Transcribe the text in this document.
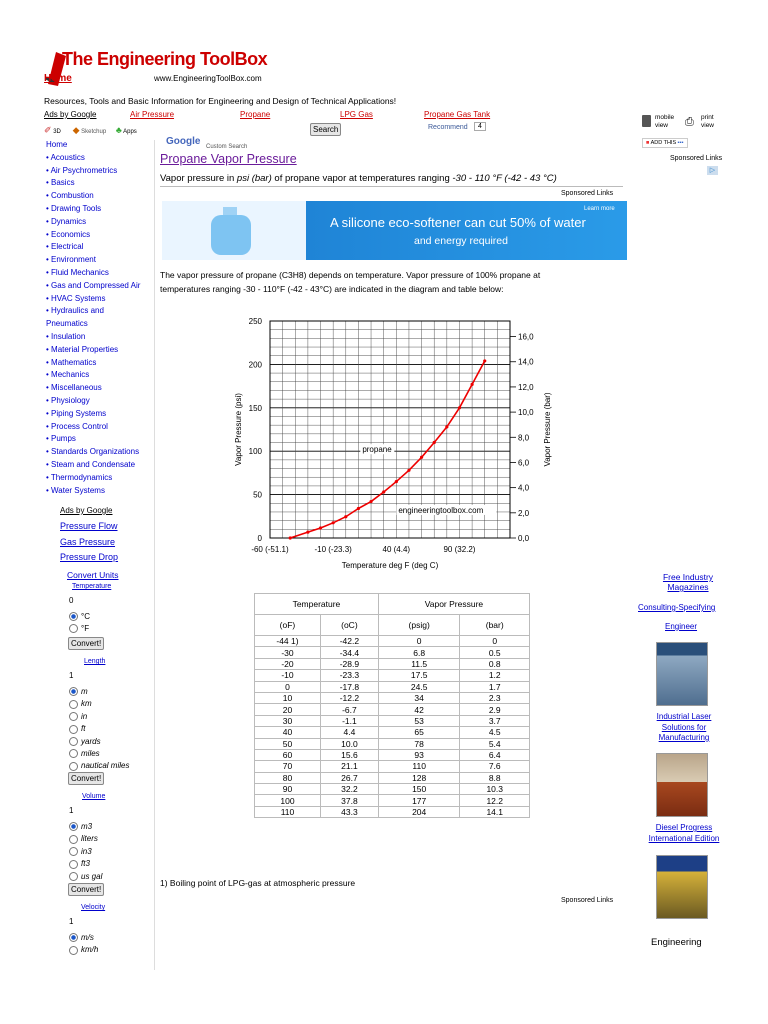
The Engineering ToolBox
Home	www.EngineeringToolBox.com
Resources, Tools and Basic Information for Engineering and Design of Technical Applications!
Ads by Google	Air Pressure	Propane	LPG Gas	Propane Gas Tank
Search	Recommend	4
✐ 3D ◆ Sketchup ♣ Apps
Home
• Acoustics
• Air Psychrometrics
• Basics
• Combustion
• Drawing Tools
• Dynamics
• Economics
• Electrical
• Environment
• Fluid Mechanics
• Gas and Compressed Air
• HVAC Systems
• Hydraulics and
Pneumatics
• Insulation
• Material Properties
• Mathematics
• Mechanics
• Miscellaneous
• Physiology
• Piping Systems
• Process Control
• Pumps
• Standards Organizations
• Steam and Condensate
• Thermodynamics
• Water Systems
Ads by Google
Pressure Flow
Gas Pressure
Pressure Drop
Convert Units
Temperature
0
°C
°F
Convert!
Length
1
m
km
in
ft
yards
miles
nautical miles
Convert!
Volume
1
m3
liters
in3
ft3
us gal
Convert!
Velocity
1
m/s
km/h
Google Custom Search
Propane Vapor Pressure
Vapor pressure in psi (bar) of propane vapor at temperatures ranging -30 - 110 °F (-42 - 43 °C)
Sponsored Links
A silicone eco-softener can cut 50% of water
and energy required
Learn more
The vapor pressure of propane (C3H8) depends on temperature. Vapor pressure of 100% propane at
temperatures ranging -30 - 110°F (-42 - 43°C) are indicated in the diagram and table below:
0
50
100
150
200
250
0,0
2,0
4,0
6,0
8,0
10,0
12,0
14,0
16,0
-60 (-51.1)	-10 (-23.3)	40 (4.4)	90 (32.2)
Temperature deg F (deg C)
Vapor Pressure (psi)	Vapor Pressure (bar)
propane
engineeringtoolbox.com
Temperature		Vapor Pressure	
(oF)	(oC)	(psig)	(bar)
-44 1)	-42.2	0	0
-30	-34.4	6.8	0.5
-20	-28.9	11.5	0.8
-10	-23.3	17.5	1.2
0	-17.8	24.5	1.7
10	-12.2	34	2.3
20	-6.7	42	2.9
30	-1.1	53	3.7
40	4.4	65	4.5
50	10.0	78	5.4
60	15.6	93	6.4
70	21.1	110	7.6
80	26.7	128	8.8
90	32.2	150	10.3
100	37.8	177	12.2
110	43.3	204	14.1
1) Boiling point of LPG-gas at atmospheric pressure
Sponsored Links
mobile view	⎙ print view
■ ADD THIS ▪▪▪
Sponsored Links
▷
Free Industry Magazines
Consulting-Specifying
Engineer
Industrial Laser Solutions for Manufacturing
Diesel Progress International Edition
Engineering
